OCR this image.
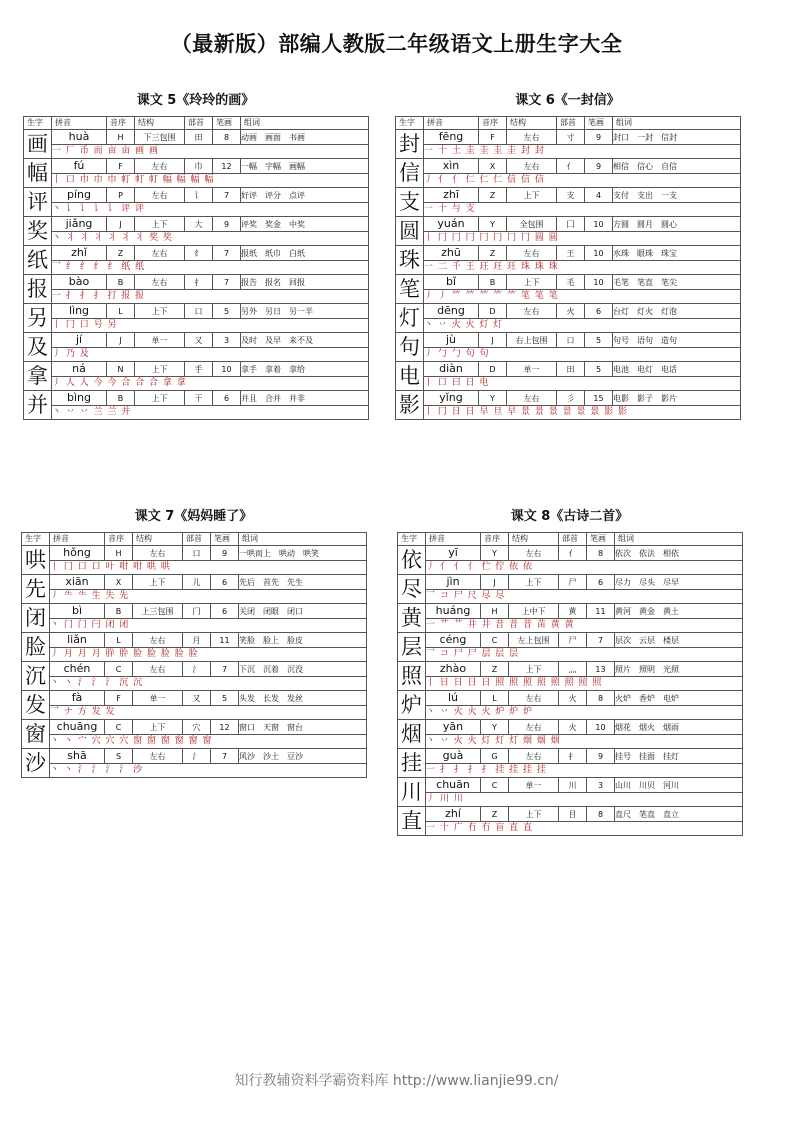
（最新版）部编人教版二年级语文上册生字大全
课文 5《玲玲的画》
生字	拼音	音序	结构	部首	笔画	组词
画	huà	H	下三包围	田	8	动画　画面　书画
	一 厂 币 而 亩 亩 画 画					
幅	fú	F	左右	巾	12	一幅　字幅　画幅
	丨 口 巾 巾 巾 帄 帄 帄 幅 幅 幅 幅					
评	píng	P	左右	讠	7	好评　评分　点评
	丶 讠 讠 讠 讠 评 评					
奖	jiǎng	J	上下	大	9	评奖　奖金　中奖
	丶 丬 丬 丬 丬 丬 丬 奖 奖					
纸	zhǐ	Z	左右	纟	7	报纸　纸巾　白纸
	乛 纟 纟 纟 纟 纸 纸					
报	bào	B	左右	扌	7	报告　报名　回报
	一 扌 扌 扌 打 报 报					
另	lìng	L	上下	口	5	另外　另日　另一半
	丨 冂 口 号 另					
及	jí	J	单一	又	3	及时　及早　来不及
	丿 乃 及					
拿	ná	N	上下	手	10	拿手　拿着　拿给
	丿 人 人 今 今 合 合 合 拿 拿					
并	bìng	B	上下	干	6	并且　合并　并非
	丶 丷 丷 兰 兰 并					
课文 6《一封信》
生字	拼音	音序	结构	部首	笔画	组词
封	fēng	F	左右	寸	9	封口　一封　信封
	一 十 土 圭 圭 圭 圭 封 封					
信	xìn	X	左右	亻	9	相信　信心　自信
	丿 亻 亻 仁 仁 仁 信 信 信					
支	zhī	Z	上下	支	4	支付　支出　一支
	一 十 与 支					
圆	yuán	Y	全包围	囗	10	方圆　圆月　圆心
	丨 冂 冂 冂 冂 冂 冂 冂 圆 圆					
珠	zhū	Z	左右	王	10	水珠　眼珠　珠宝
	一 二 千 王 玨 玨 玨 珠 珠 珠					
笔	bǐ	B	上下	毛	10	毛笔　笔直　笔尖
	丿 丿 ⺮ ⺮ ⺮ ⺮ ⺮ 笔 笔 笔					
灯	dēng	D	左右	火	6	台灯　灯火　灯泡
	丶 丷 火 火 灯 灯					
句	jù	J	右上包围	口	5	句号　语句　造句
	丿 勹 勹 句 句					
电	diàn	D	单一	田	5	电池　电灯　电话
	丨 口 曰 日 电					
影	yǐng	Y	左右	彡	15	电影　影子　影片
	丨 冂 日 日 早 旦 早 景 景 景 景 景 景 影 影					
课文 7《妈妈睡了》
生字	拼音	音序	结构	部首	笔画	组词
哄	hǒng	H	左右	口	9	一哄而上　哄动　哄笑
	丨 冂 口 口 叶 咁 咁 哄 哄					
先	xiān	X	上下	儿	6	先后　首先　先生
	丿 ⺧ ⺧ 生 失 先					
闭	bì	B	上三包围	门	6	关闭　闭眼　闭口
	丶 门 门 闩 闭 闭					
脸	liǎn	L	左右	月	11	笑脸　脸上　脸皮
	丿 月 月 月 肸 肸 脸 脸 脸 脸 脸					
沉	chén	C	左右	氵	7	下沉　沉着　沉没
	丶 丶 氵 氵 氵 沉 沉					
发	fà	F	单一	又	5	头发　长发　发丝
	乛 ナ 方 发 发					
窗	chuāng	C	上下	穴	12	窗口　天窗　窗台
	丶 丶 宀 穴 穴 穴 窗 窗 窗 窗 窗 窗					
沙	shā	S	左右	氵	7	风沙　沙土　豆沙
	丶 丶 氵 氵 氵 氵 沙					
课文 8《古诗二首》
生字	拼音	音序	结构	部首	笔画	组词
依	yī	Y	左右	亻	8	依次　依法　相依
	丿 亻 亻 亻 伫 佇 依 依					
尽	jìn	J	上下	尸	6	尽力　尽头　尽早
	乛 コ 尸 尺 尽 尽					
黄	huáng	H	上中下	黄	11	黄河　黄金　黄土
	一 艹 艹 井 井 昔 昔 昔 苗 黄 黄					
层	céng	C	左上包围	尸	7	层次　云层　楼层
	乛 コ 尸 尸 层 层 层					
照	zhào	Z	上下	灬	13	照片　照明　光照
	丨 日 日 日 日 照 照 照 照 照 照 照 照					
炉	lú	L	左右	火	8	火炉　香炉　电炉
	丶 丷 火 火 火 炉 炉 炉					
烟	yān	Y	左右	火	10	烟花　烟火　烟雨
	丶 丷 火 火 灯 灯 灯 烟 烟 烟					
挂	guà	G	左右	扌	9	挂号　挂面　挂灯
	一 扌 扌 扌 扌 挂 挂 挂 挂					
川	chuān	C	单一	川	3	山川　川贝　河川
	丿 川 川					
直	zhí	Z	上下	目	8	直尺　笔直　直立
	一 十 广 冇 冇 盲 直 直					
知行教辅资料学霸资料库 http://www.lianjie99.cn/
